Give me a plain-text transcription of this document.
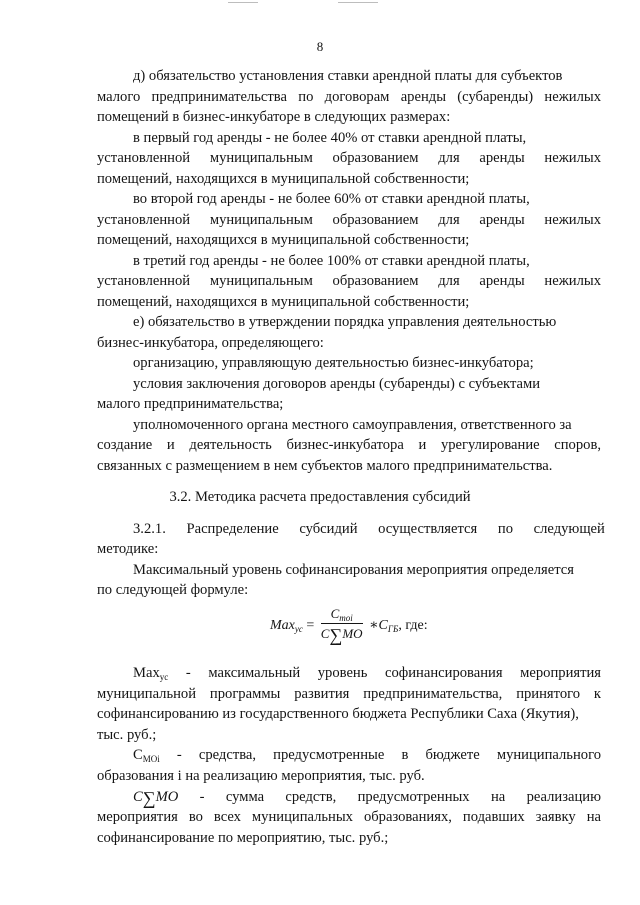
8
д) обязательство установления ставки арендной платы для субъектов
малого предпринимательства по договорам аренды (субаренды) нежилых
помещений в бизнес-инкубаторе в следующих размерах:
в первый год аренды - не более 40% от ставки арендной платы,
установленной муниципальным образованием для аренды нежилых
помещений, находящихся в муниципальной собственности;
во второй год аренды - не более 60% от ставки арендной платы,
установленной муниципальным образованием для аренды нежилых
помещений, находящихся в муниципальной собственности;
в третий год аренды - не более 100% от ставки арендной платы,
установленной муниципальным образованием для аренды нежилых
помещений, находящихся в муниципальной собственности;
е) обязательство в утверждении порядка управления деятельностью
бизнес-инкубатора, определяющего:
организацию, управляющую деятельностью бизнес-инкубатора;
условия заключения договоров аренды (субаренды) с субъектами
малого предпринимательства;
уполномоченного органа местного самоуправления, ответственного за
создание и деятельность бизнес-инкубатора и урегулирование споров,
связанных с размещением в нем субъектов малого предпринимательства.
3.2. Методика расчета предоставления субсидий
3.2.1. Распределение субсидий осуществляется по следующей
методике:
Максимальный уровень софинансирования мероприятия определяется
по следующей формуле:
$Max_{ус} = \frac{C_{moi}}{C\sum MO}$ $∗C_{ГБ}$, где:
Max$_{ус}$ - максимальный уровень софинансирования мероприятия
муниципальной программы развития предпринимательства, принятого к
софинансированию из государственного бюджета Республики Саха (Якутия),
тыс. руб.;
$С_{МОi}$ - средства, предусмотренные в бюджете муниципального
образования i на реализацию мероприятия, тыс. руб.
C∑MO - сумма средств, предусмотренных на реализацию
мероприятия во всех муниципальных образованиях, подавших заявку на
софинансирование по мероприятию, тыс. руб.;
